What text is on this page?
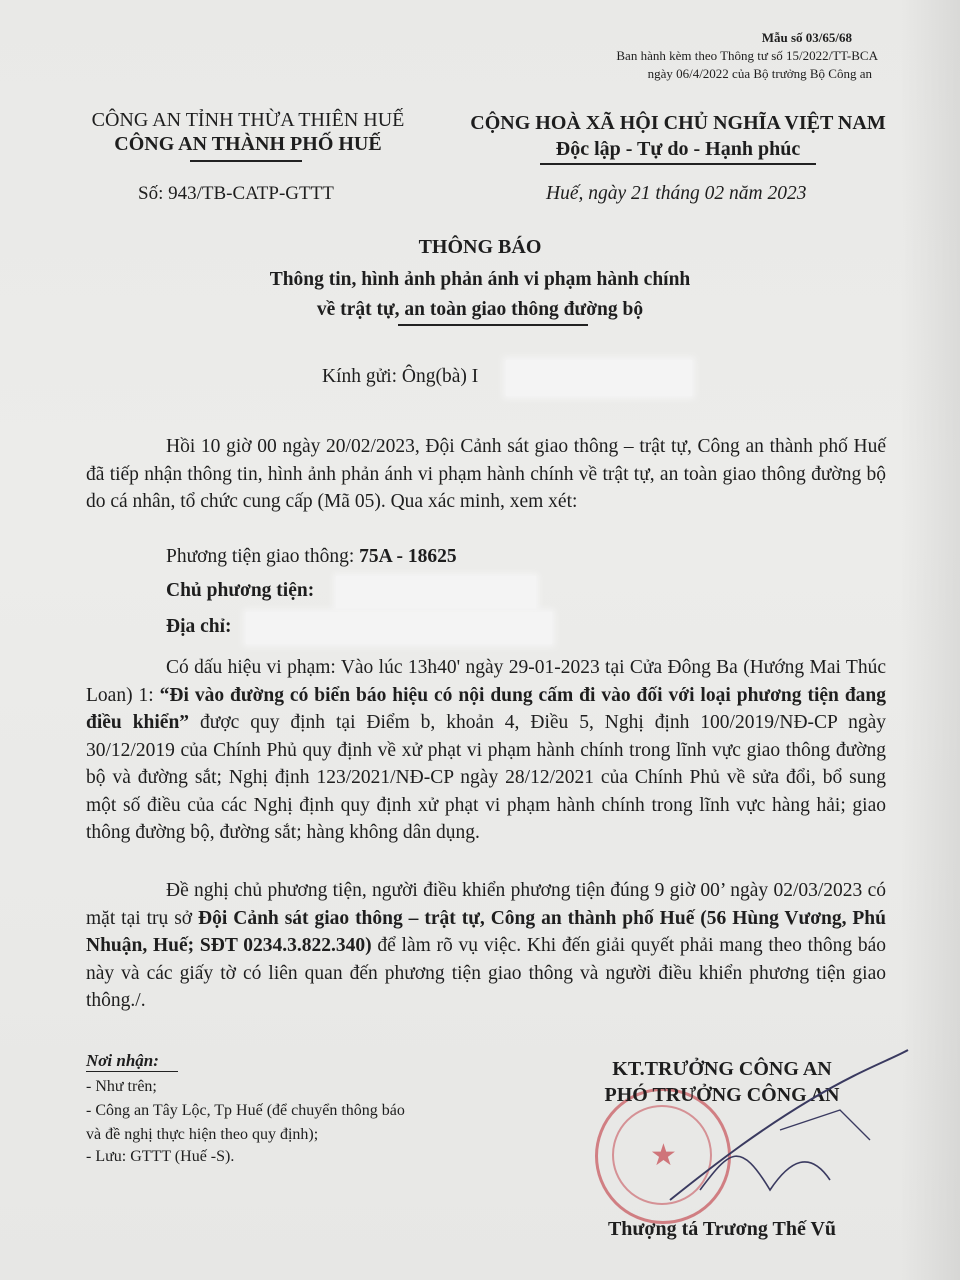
Mẫu số 03/65/68
Ban hành kèm theo Thông tư số 15/2022/TT-BCA
ngày 06/4/2022 của Bộ trưởng Bộ Công an
CÔNG AN TỈNH THỪA THIÊN HUẾ
CÔNG AN THÀNH PHỐ HUẾ
Số: 943/TB-CATP-GTTT
CỘNG HOÀ XÃ HỘI CHỦ NGHĨA VIỆT NAM
Độc lập - Tự do - Hạnh phúc
Huế, ngày 21 tháng 02 năm 2023
THÔNG BÁO
Thông tin, hình ảnh phản ánh vi phạm hành chính
về trật tự, an toàn giao thông đường bộ
Kính gửi: Ông(bà) I
Hồi 10 giờ 00 ngày 20/02/2023, Đội Cảnh sát giao thông – trật tự, Công an thành phố Huế đã tiếp nhận thông tin, hình ảnh phản ánh vi phạm hành chính về trật tự, an toàn giao thông đường bộ do cá nhân, tổ chức cung cấp (Mã 05). Qua xác minh, xem xét:
Phương tiện giao thông: 75A - 18625
Chủ phương tiện:
Địa chỉ:
Có dấu hiệu vi phạm: Vào lúc 13h40' ngày 29-01-2023 tại Cửa Đông Ba (Hướng Mai Thúc Loan) 1: “Đi vào đường có biển báo hiệu có nội dung cấm đi vào đối với loại phương tiện đang điều khiển” được quy định tại Điểm b, khoản 4, Điều 5, Nghị định 100/2019/NĐ-CP ngày 30/12/2019 của Chính Phủ quy định về xử phạt vi phạm hành chính trong lĩnh vực giao thông đường bộ và đường sắt; Nghị định 123/2021/NĐ-CP ngày 28/12/2021 của Chính Phủ về sửa đổi, bổ sung một số điều của các Nghị định quy định xử phạt vi phạm hành chính trong lĩnh vực hàng hải; giao thông đường bộ, đường sắt; hàng không dân dụng.
Đề nghị chủ phương tiện, người điều khiển phương tiện đúng 9 giờ 00’ ngày 02/03/2023 có mặt tại trụ sở Đội Cảnh sát giao thông – trật tự, Công an thành phố Huế (56 Hùng Vương, Phú Nhuận, Huế; SĐT 0234.3.822.340) để làm rõ vụ việc. Khi đến giải quyết phải mang theo thông báo này và các giấy tờ có liên quan đến phương tiện giao thông và người điều khiển phương tiện giao thông./.
Nơi nhận:
- Như trên;
- Công an Tây Lộc, Tp Huế (để chuyển thông báo
và đề nghị thực hiện theo quy định);
- Lưu: GTTT (Huế -S).	★
KT.TRƯỞNG CÔNG AN
PHÓ TRƯỞNG CÔNG AN
Thượng tá Trương Thế Vũ
